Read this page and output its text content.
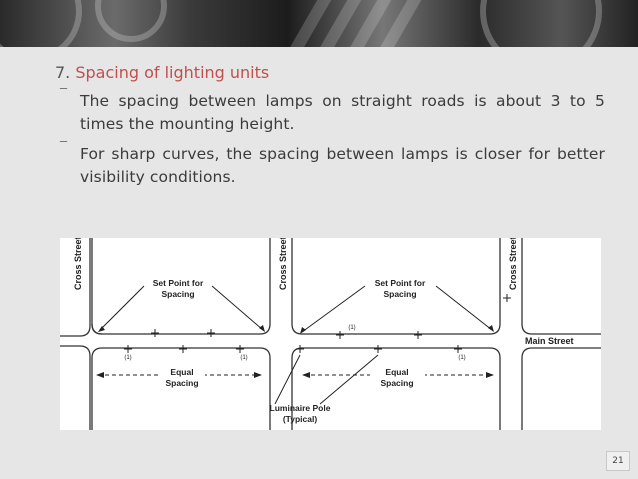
7. Spacing of lighting units
‾ The spacing between lamps on straight roads is about 3 to 5 times the mounting height.
‾ For sharp curves, the spacing between lamps is closer for better visibility conditions.
Cross Street	Cross Street	Cross Street
Set Point for
Spacing
Set Point for
Spacing
(1)	(1)
(1)
(1)
Main Street
Equal
Spacing
Equal
Spacing
Luminaire Pole
(Typical)
21
